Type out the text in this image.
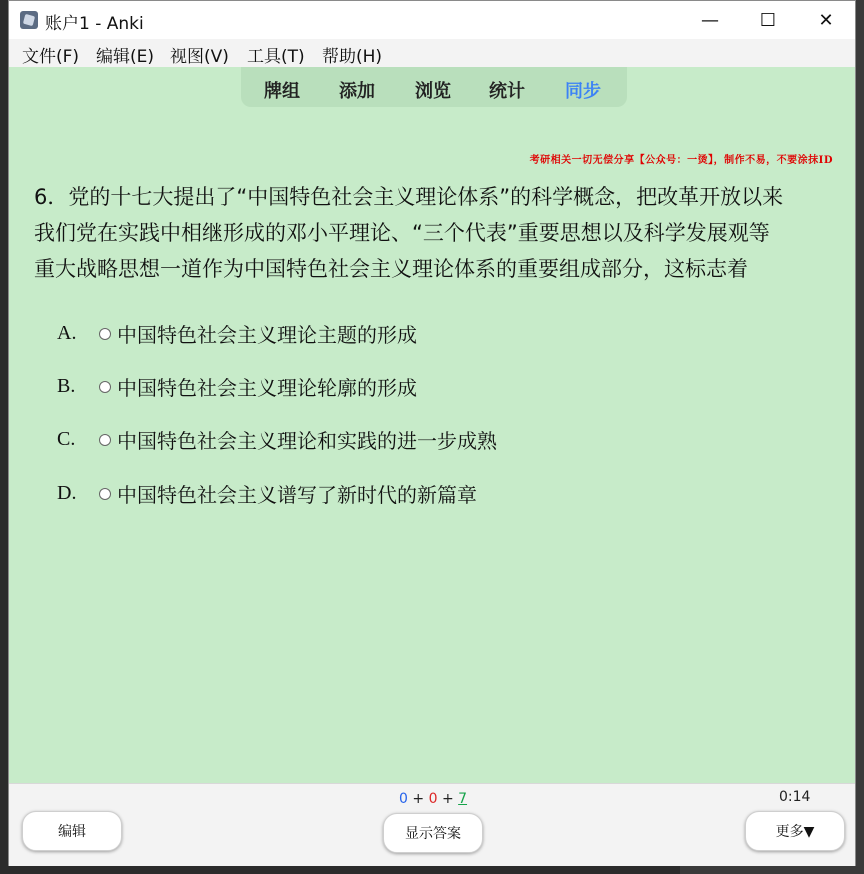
账户1 - Anki	—	☐	✕
文件(F) 编辑(E) 视图(V) 工具(T) 帮助(H)
牌组 添加 浏览 统计 同步
考研相关一切无偿分享【公众号：一烫】，制作不易，不要涂抹ID
6．党的十七大提出了“中国特色社会主义理论体系”的科学概念，把改革开放以来
我们党在实践中相继形成的邓小平理论、“三个代表”重要思想以及科学发展观等
重大战略思想一道作为中国特色社会主义理论体系的重要组成部分，这标志着
A.	中国特色社会主义理论主题的形成
B.	中国特色社会主义理论轮廓的形成
C.	中国特色社会主义理论和实践的进一步成熟
D.	中国特色社会主义谱写了新时代的新篇章
0 + 0 + 7	0:14
编辑	显示答案	更多▼
